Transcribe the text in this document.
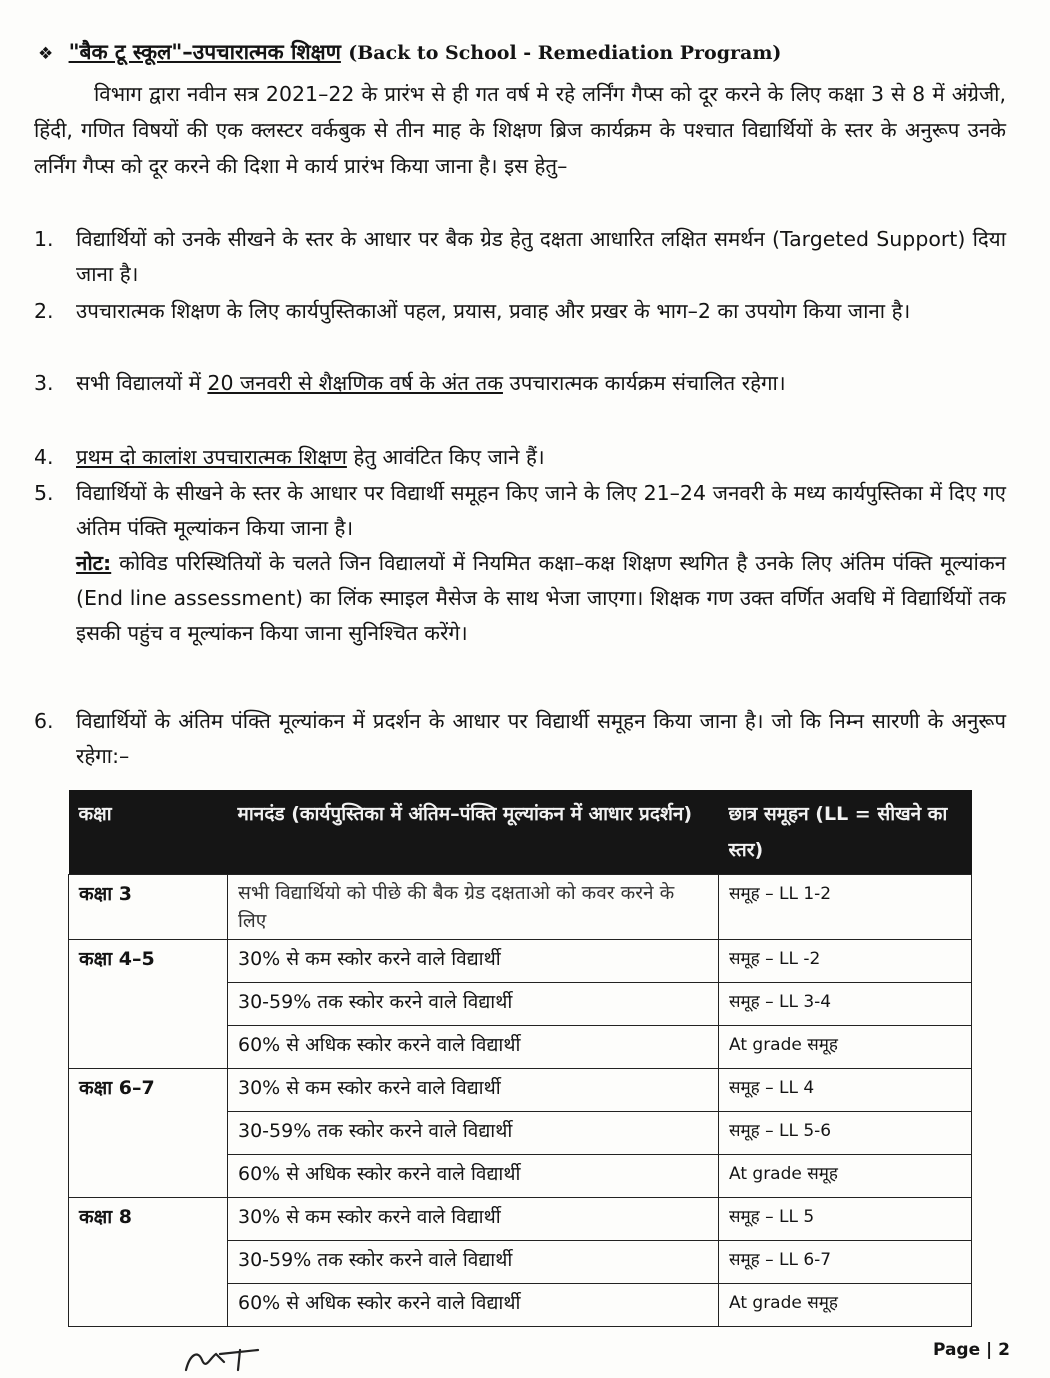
❖ "बैक टू स्कूल"–उपचारात्मक शिक्षण (Back to School - Remediation Program)
विभाग द्वारा नवीन सत्र 2021–22 के प्रारंभ से ही गत वर्ष मे रहे लर्निंग गैप्स को दूर करने के लिए कक्षा 3 से 8 में अंग्रेजी, हिंदी, गणित विषयों की एक क्लस्टर वर्कबुक से तीन माह के शिक्षण ब्रिज कार्यक्रम के पश्चात विद्यार्थियों के स्तर के अनुरूप उनके लर्निंग गैप्स को दूर करने की दिशा मे कार्य प्रारंभ किया जाना है। इस हेतु–
1.	विद्यार्थियों को उनके सीखने के स्तर के आधार पर बैक ग्रेड हेतु दक्षता आधारित लक्षित समर्थन (Targeted Support) दिया जाना है।
2.	उपचारात्मक शिक्षण के लिए कार्यपुस्तिकाओं पहल, प्रयास, प्रवाह और प्रखर के भाग–2 का उपयोग किया जाना है।
3.	सभी विद्यालयों में 20 जनवरी से शैक्षणिक वर्ष के अंत तक उपचारात्मक कार्यक्रम संचालित रहेगा।
4.	प्रथम दो कालांश उपचारात्मक शिक्षण हेतु आवंटित किए जाने हैं।
5.	विद्यार्थियों के सीखने के स्तर के आधार पर विद्यार्थी समूहन किए जाने के लिए 21–24 जनवरी के मध्य कार्यपुस्तिका में दिए गए अंतिम पंक्ति मूल्यांकन किया जाना है।
नोट: कोविड परिस्थितियों के चलते जिन विद्यालयों में नियमित कक्षा–कक्ष शिक्षण स्थगित है उनके लिए अंतिम पंक्ति मूल्यांकन (End line assessment) का लिंक स्माइल मैसेज के साथ भेजा जाएगा। शिक्षक गण उक्त वर्णित अवधि में विद्यार्थियों तक इसकी पहुंच व मूल्यांकन किया जाना सुनिश्चित करेंगे।
6.	विद्यार्थियों के अंतिम पंक्ति मूल्यांकन में प्रदर्शन के आधार पर विद्यार्थी समूहन किया जाना है। जो कि निम्न सारणी के अनुरूप रहेगा:–
कक्षा	मानदंड (कार्यपुस्तिका में अंतिम–पंक्ति मूल्यांकन में आधार प्रदर्शन)	छात्र समूहन (LL = सीखने का स्तर)
कक्षा 3	सभी विद्यार्थियो को पीछे की बैक ग्रेड दक्षताओ को कवर करने के लिए	समूह – LL 1-2
कक्षा 4–5	30% से कम स्कोर करने वाले विद्यार्थी	समूह – LL -2
	30-59% तक स्कोर करने वाले विद्यार्थी	समूह – LL 3-4
	60% से अधिक स्कोर करने वाले विद्यार्थी	At grade समूह
कक्षा 6–7	30% से कम स्कोर करने वाले विद्यार्थी	समूह – LL 4
	30-59% तक स्कोर करने वाले विद्यार्थी	समूह – LL 5-6
	60% से अधिक स्कोर करने वाले विद्यार्थी	At grade समूह
कक्षा 8	30% से कम स्कोर करने वाले विद्यार्थी	समूह – LL 5
	30-59% तक स्कोर करने वाले विद्यार्थी	समूह – LL 6-7
	60% से अधिक स्कोर करने वाले विद्यार्थी	At grade समूह
Page | 2
